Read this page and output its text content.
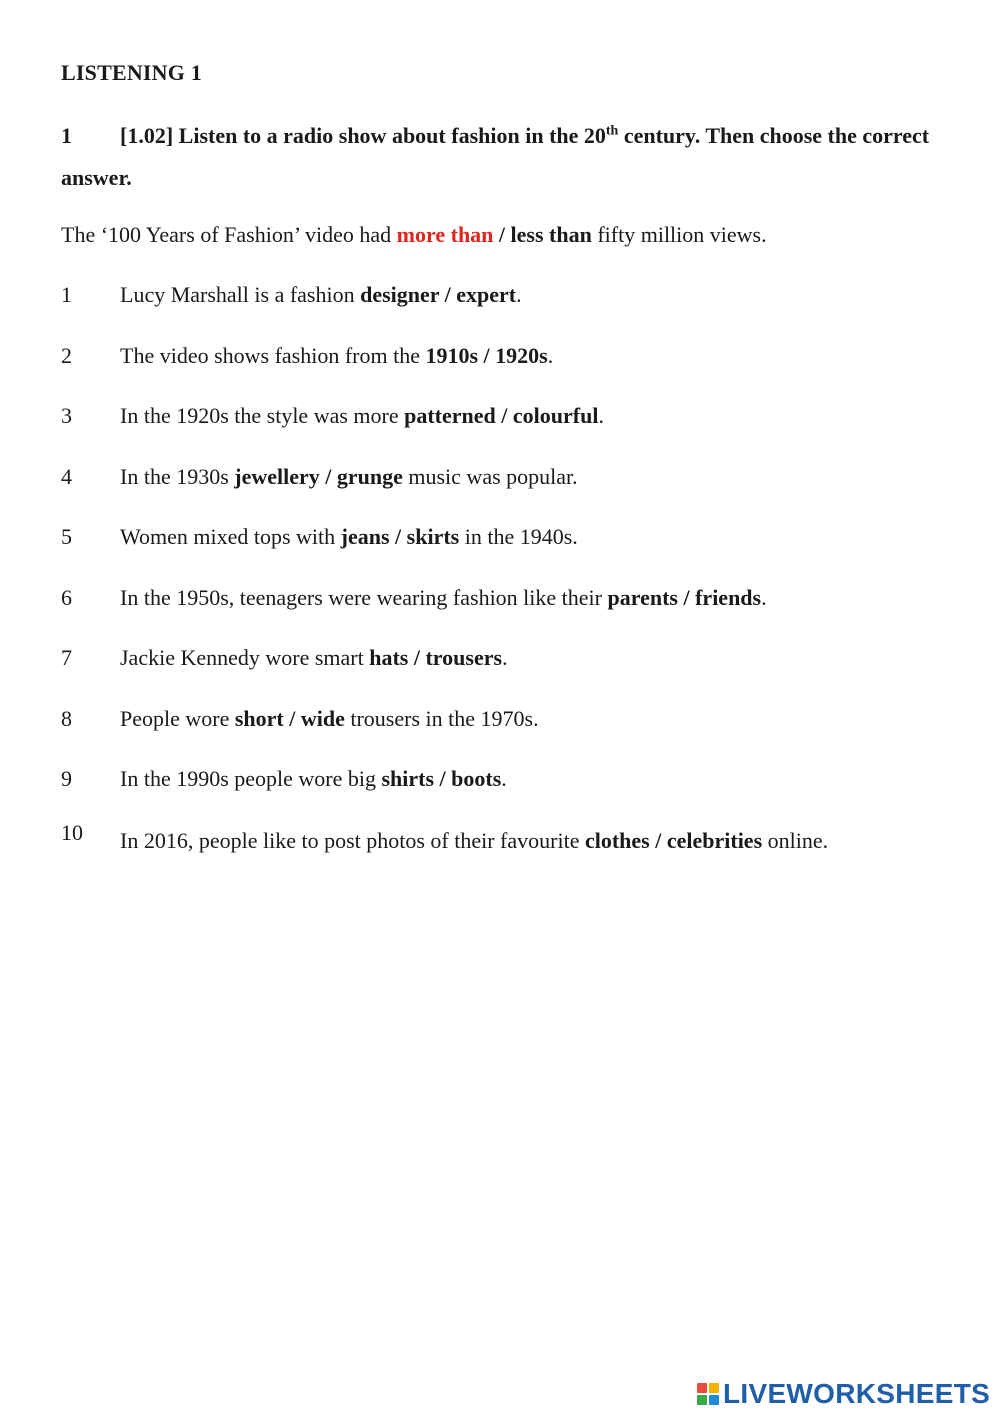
LISTENING 1
1 [1.02] Listen to a radio show about fashion in the 20th century. Then choose the correct answer.
The ‘100 Years of Fashion’ video had more than / less than fifty million views.
1	Lucy Marshall is a fashion designer / expert.
2	The video shows fashion from the 1910s / 1920s.
3	In the 1920s the style was more patterned / colourful.
4	In the 1930s jewellery / grunge music was popular.
5	Women mixed tops with jeans / skirts in the 1940s.
6	In the 1950s, teenagers were wearing fashion like their parents / friends.
7	Jackie Kennedy wore smart hats / trousers.
8	People wore short / wide trousers in the 1970s.
9	In the 1990s people wore big shirts / boots.
10	In 2016, people like to post photos of their favourite clothes / celebrities online.
LIVEWORKSHEETS
